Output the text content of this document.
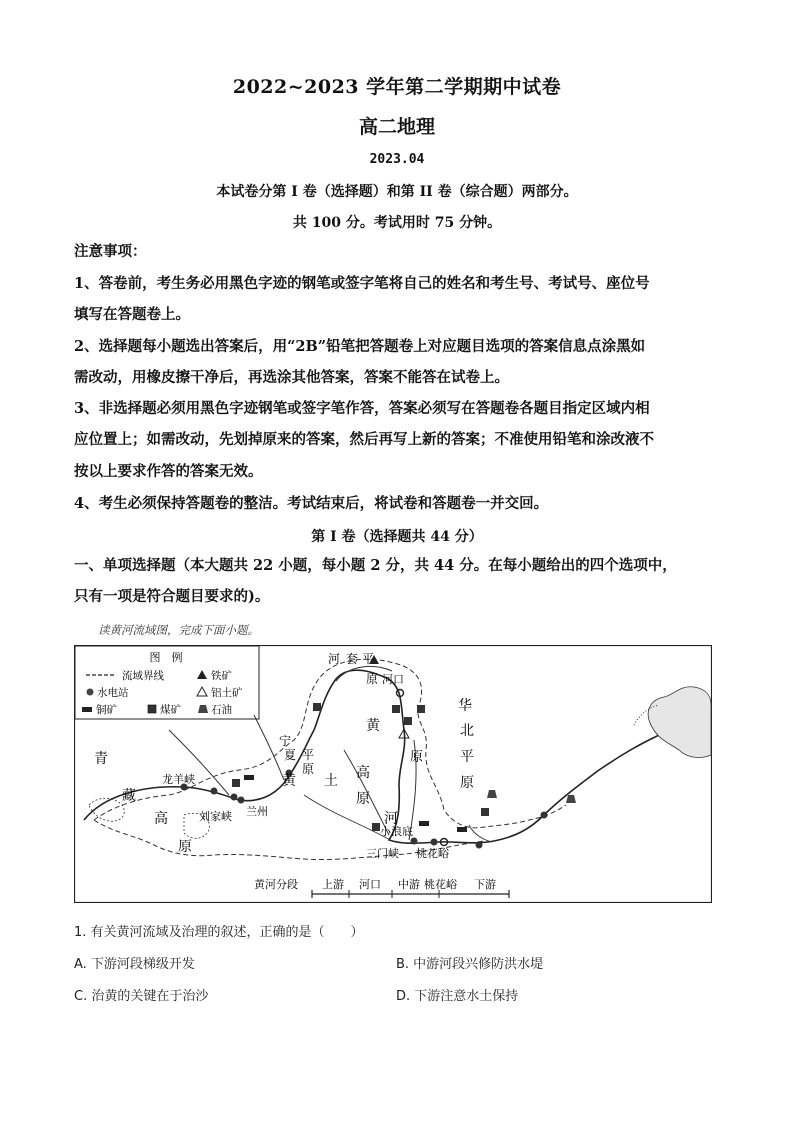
2022~2023 学年第二学期期中试卷
高二地理
2023.04
本试卷分第 I 卷（选择题）和第 II 卷（综合题）两部分。
共 100 分。考试用时 75 分钟。
注意事项：
1、答卷前，考生务必用黑色字迹的钢笔或签字笔将自己的姓名和考生号、考试号、座位号
填写在答题卷上。
2、选择题每小题选出答案后，用“2B”铅笔把答题卷上对应题目选项的答案信息点涂黑如
需改动，用橡皮擦干净后，再选涂其他答案，答案不能答在试卷上。
3、非选择题必须用黑色字迹钢笔或签字笔作答，答案必须写在答题卷各题目指定区域内相
应位置上；如需改动，先划掉原来的答案，然后再写上新的答案；不准使用铅笔和涂改液不
按以上要求作答的答案无效。
4、考生必须保持答题卷的整洁。考试结束后，将试卷和答题卷一并交回。
第 I 卷（选择题共 44 分）
一、单项选择题（本大题共 22 小题，每小题 2 分，共 44 分。在每小题给出的四个选项中，
只有一项是符合题目要求的)。
读黄河流域图，完成下面小题。
图　例
流域界线	铁矿
水电站	铝土矿
铜矿	煤矿	石油
青
藏
高
原
宁
夏 平
原
黄
河 套 平
原 河口
黄
土 高
原
河
华
北
平
原
原
龙羊峡
刘家峡 兰州
小浪底
三门峡 桃花峪
黄河分段 上游 河口 中游 桃花峪 下游
1. 有关黄河流域及治理的叙述，正确的是（　　）
A. 下游河段梯级开发	B. 中游河段兴修防洪水堤
C. 治黄的关键在于治沙	D. 下游注意水土保持
